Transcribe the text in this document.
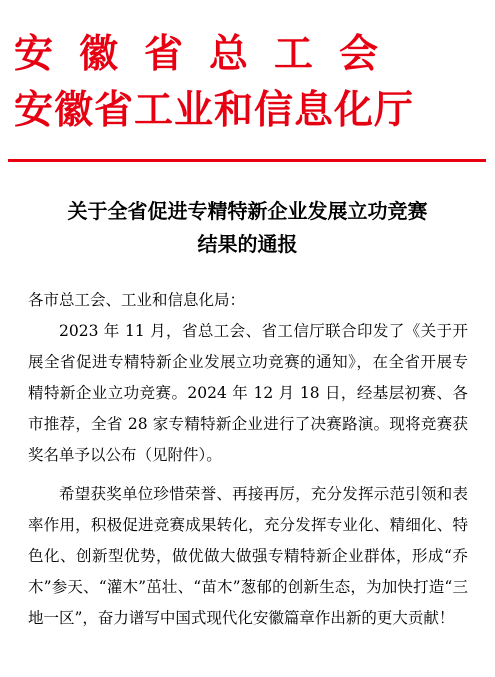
安徽省总工会
安徽省工业和信息化厅
关于全省促进专精特新企业发展立功竞赛
结果的通报
各市总工会、工业和信息化局：
2023 年 11 月，省总工会、省工信厅联合印发了《关于开展全省促进专精特新企业发展立功竞赛的通知》，在全省开展专精特新企业立功竞赛。2024 年 12 月 18 日，经基层初赛、各市推荐，全省 28 家专精特新企业进行了决赛路演。现将竞赛获奖名单予以公布（见附件）。
希望获奖单位珍惜荣誉、再接再厉，充分发挥示范引领和表率作用，积极促进竞赛成果转化，充分发挥专业化、精细化、特色化、创新型优势，做优做大做强专精特新企业群体，形成“乔木”参天、“灌木”茁壮、“苗木”葱郁的创新生态，为加快打造“三地一区”，奋力谱写中国式现代化安徽篇章作出新的更大贡献！
